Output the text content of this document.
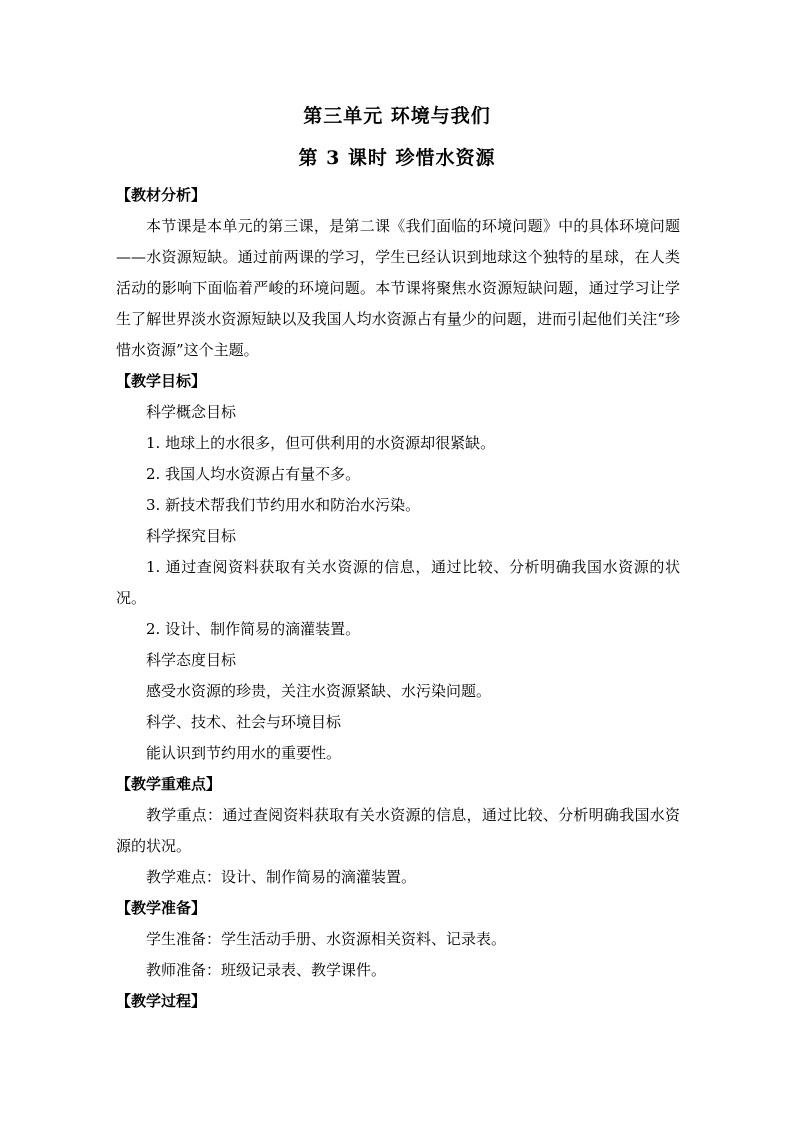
第三单元 环境与我们
第 3 课时 珍惜水资源

【教材分析】

本节课是本单元的第三课，是第二课《我们面临的环境问题》中的具体环境问题——水资源短缺。通过前两课的学习，学生已经认识到地球这个独特的星球，在人类活动的影响下面临着严峻的环境问题。本节课将聚焦水资源短缺问题，通过学习让学生了解世界淡水资源短缺以及我国人均水资源占有量少的问题，进而引起他们关注“珍惜水资源”这个主题。

【教学目标】

科学概念目标

1. 地球上的水很多，但可供利用的水资源却很紧缺。

2. 我国人均水资源占有量不多。

3. 新技术帮我们节约用水和防治水污染。

科学探究目标

1. 通过查阅资料获取有关水资源的信息，通过比较、分析明确我国水资源的状况。

2. 设计、制作简易的滴灌装置。

科学态度目标

感受水资源的珍贵，关注水资源紧缺、水污染问题。

科学、技术、社会与环境目标

能认识到节约用水的重要性。

【教学重难点】

教学重点：通过查阅资料获取有关水资源的信息，通过比较、分析明确我国水资源的状况。

教学难点：设计、制作简易的滴灌装置。

【教学准备】

学生准备：学生活动手册、水资源相关资料、记录表。

教师准备：班级记录表、教学课件。

【教学过程】
